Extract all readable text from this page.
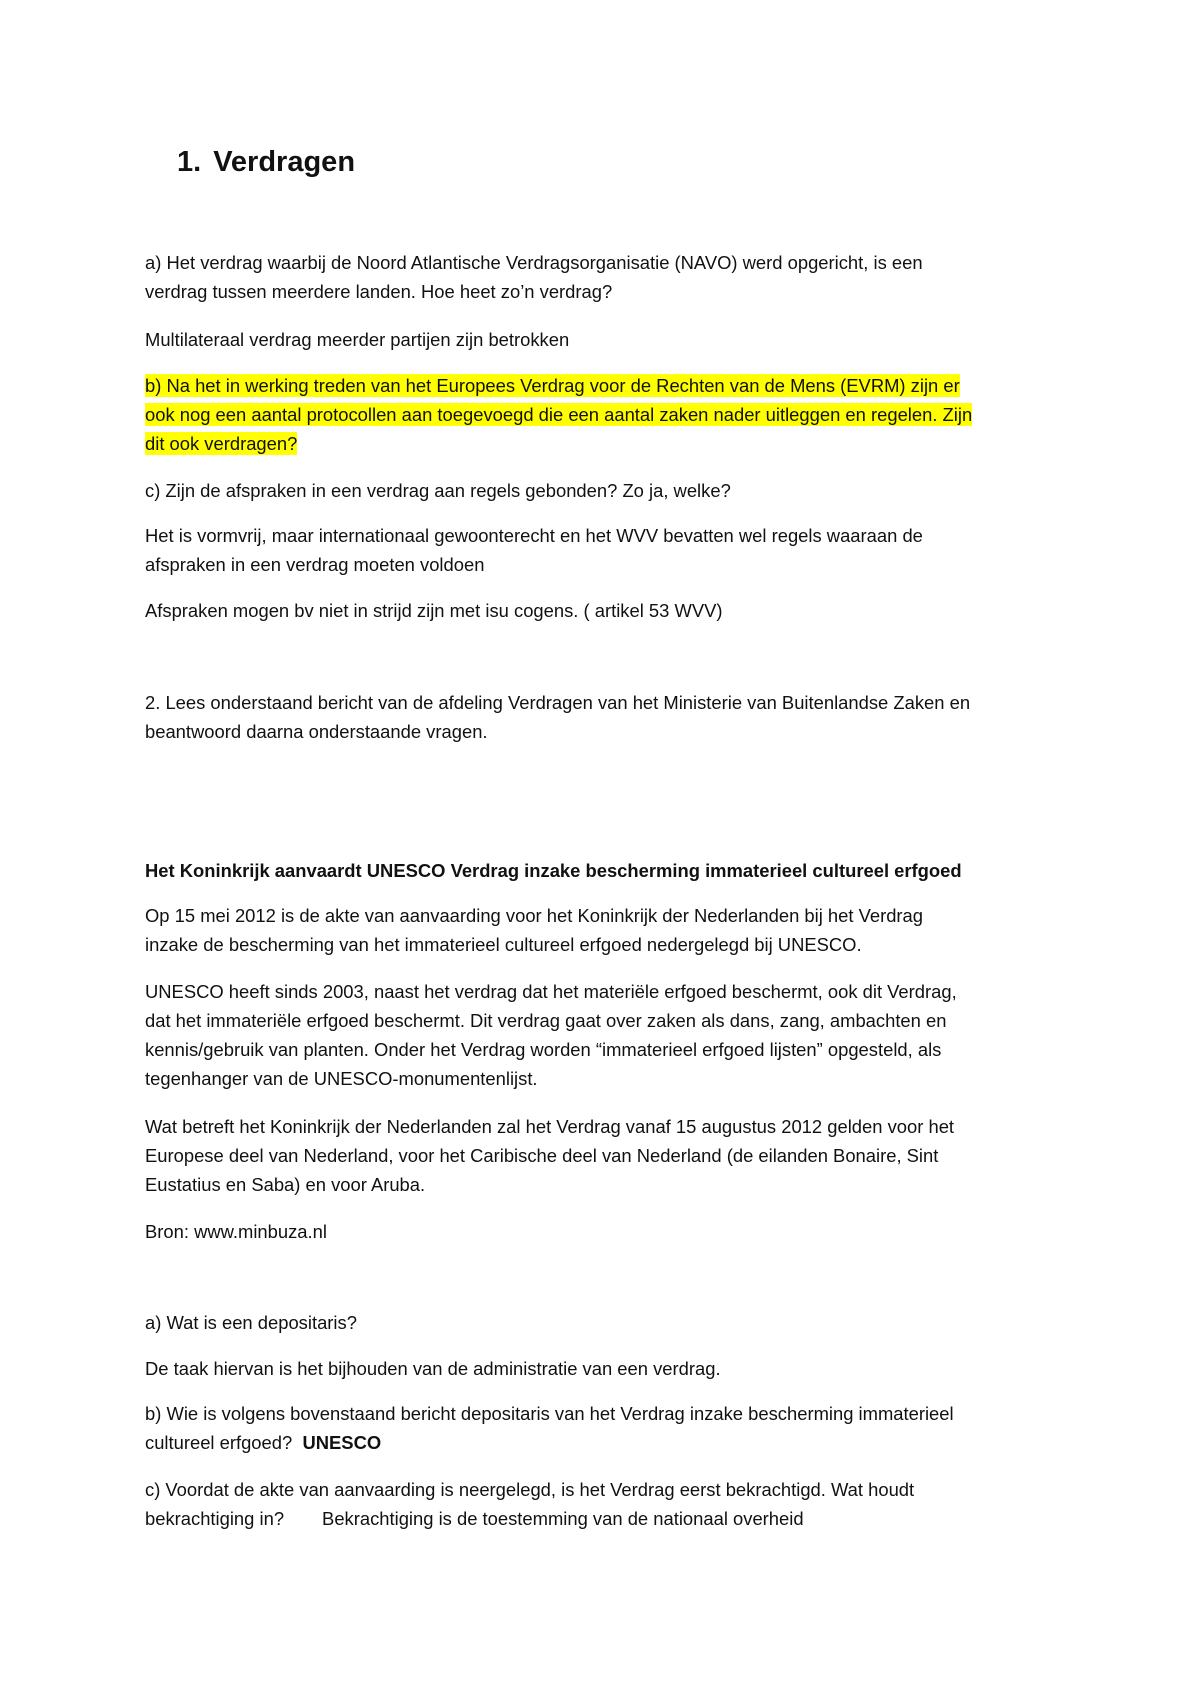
1. Verdragen

a) Het verdrag waarbij de Noord Atlantische Verdragsorganisatie (NAVO) werd opgericht, is een
verdrag tussen meerdere landen. Hoe heet zo’n verdrag?

Multilateraal verdrag meerder partijen zijn betrokken

b) Na het in werking treden van het Europees Verdrag voor de Rechten van de Mens (EVRM) zijn er
ook nog een aantal protocollen aan toegevoegd die een aantal zaken nader uitleggen en regelen. Zijn
dit ook verdragen?

c) Zijn de afspraken in een verdrag aan regels gebonden? Zo ja, welke?

Het is vormvrij, maar internationaal gewoonterecht en het WVV bevatten wel regels waaraan de
afspraken in een verdrag moeten voldoen

Afspraken mogen bv niet in strijd zijn met isu cogens. ( artikel 53 WVV)

2. Lees onderstaand bericht van de afdeling Verdragen van het Ministerie van Buitenlandse Zaken en
beantwoord daarna onderstaande vragen.

Het Koninkrijk aanvaardt UNESCO Verdrag inzake bescherming immaterieel cultureel erfgoed

Op 15 mei 2012 is de akte van aanvaarding voor het Koninkrijk der Nederlanden bij het Verdrag
inzake de bescherming van het immaterieel cultureel erfgoed nedergelegd bij UNESCO.

UNESCO heeft sinds 2003, naast het verdrag dat het materiële erfgoed beschermt, ook dit Verdrag,
dat het immateriële erfgoed beschermt. Dit verdrag gaat over zaken als dans, zang, ambachten en
kennis/gebruik van planten. Onder het Verdrag worden “immaterieel erfgoed lijsten” opgesteld, als
tegenhanger van de UNESCO-monumentenlijst.

Wat betreft het Koninkrijk der Nederlanden zal het Verdrag vanaf 15 augustus 2012 gelden voor het
Europese deel van Nederland, voor het Caribische deel van Nederland (de eilanden Bonaire, Sint
Eustatius en Saba) en voor Aruba.

Bron: www.minbuza.nl

a) Wat is een depositaris?

De taak hiervan is het bijhouden van de administratie van een verdrag.

b) Wie is volgens bovenstaand bericht depositaris van het Verdrag inzake bescherming immaterieel
cultureel erfgoed? UNESCO

c) Voordat de akte van aanvaarding is neergelegd, is het Verdrag eerst bekrachtigd. Wat houdt
bekrachtiging in? Bekrachtiging is de toestemming van de nationaal overheid
